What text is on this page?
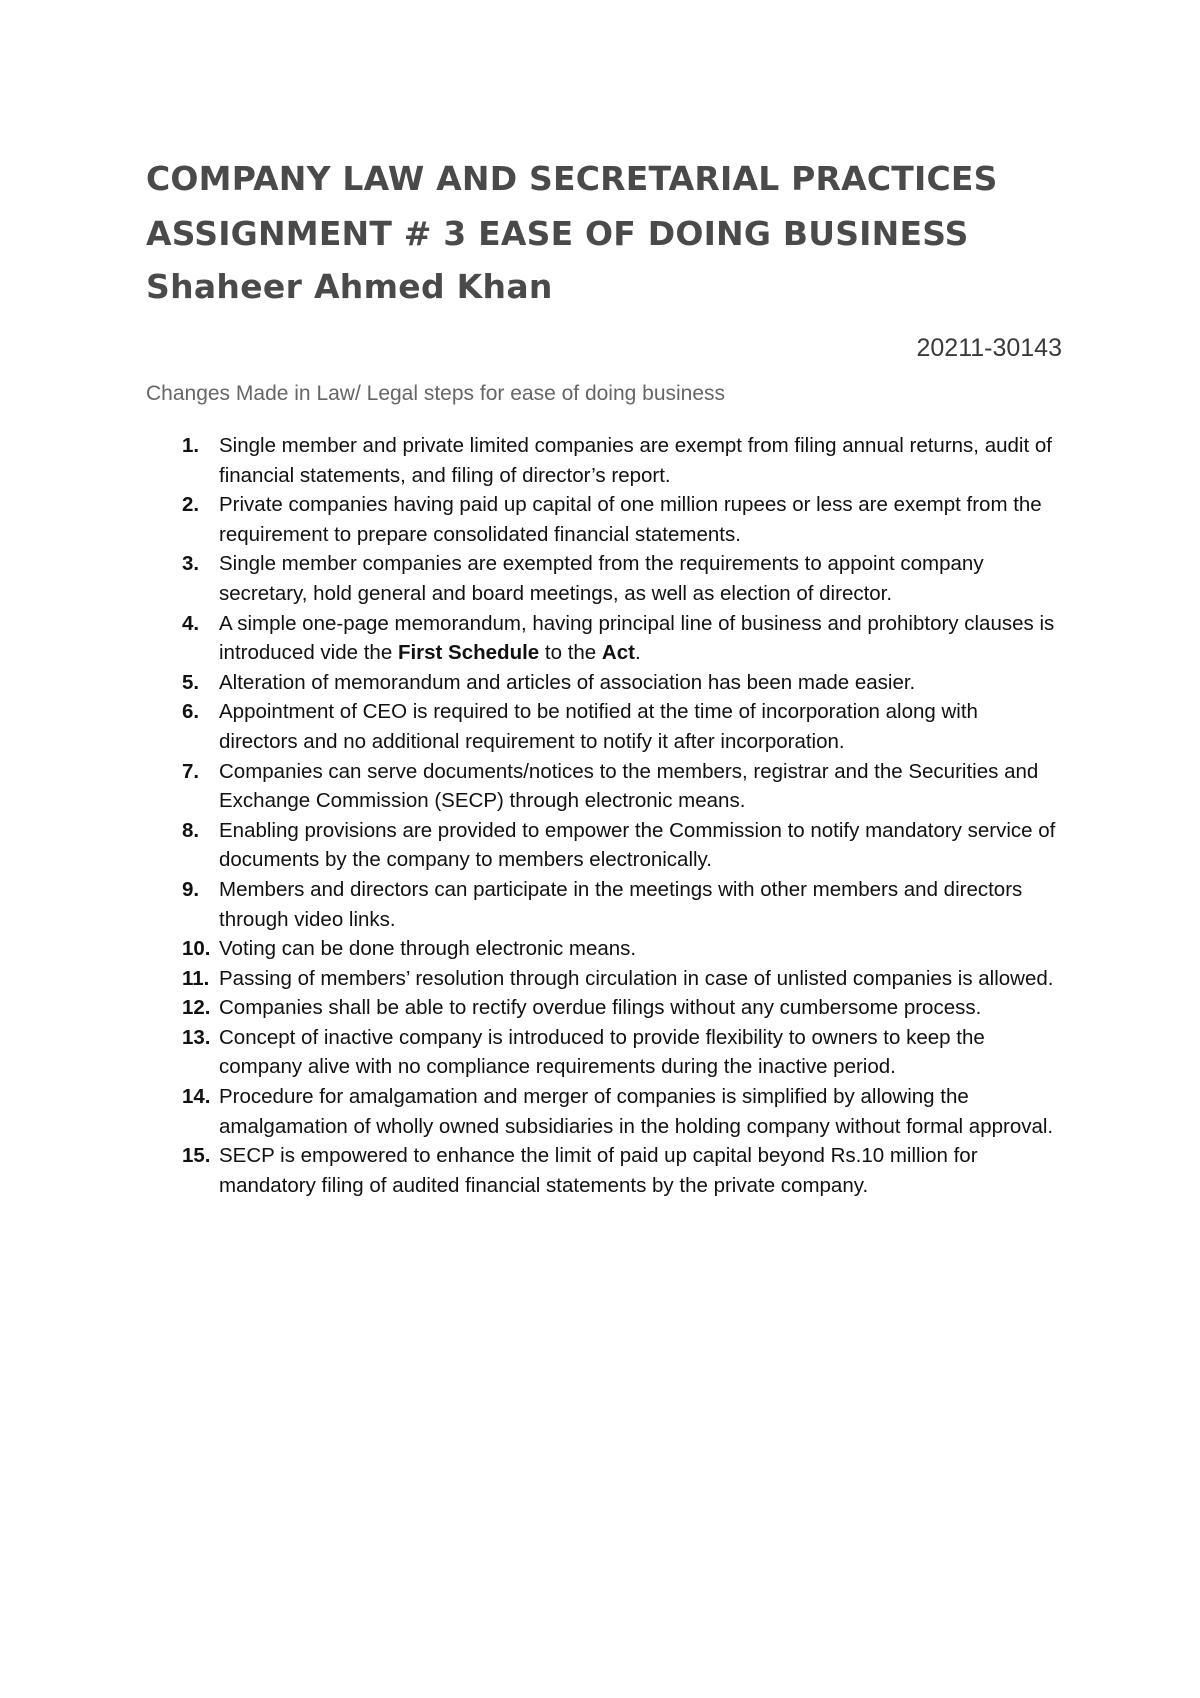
COMPANY LAW AND SECRETARIAL PRACTICES
ASSIGNMENT # 3 EASE OF DOING BUSINESS
Shaheer Ahmed Khan
20211-30143
Changes Made in Law/ Legal steps for ease of doing business
1. Single member and private limited companies are exempt from filing annual returns, audit of financial statements, and filing of director’s report.
2. Private companies having paid up capital of one million rupees or less are exempt from the requirement to prepare consolidated financial statements.
3. Single member companies are exempted from the requirements to appoint company secretary, hold general and board meetings, as well as election of director.
4. A simple one-page memorandum, having principal line of business and prohibtory clauses is introduced vide the First Schedule to the Act.
5. Alteration of memorandum and articles of association has been made easier.
6. Appointment of CEO is required to be notified at the time of incorporation along with directors and no additional requirement to notify it after incorporation.
7. Companies can serve documents/notices to the members, registrar and the Securities and Exchange Commission (SECP) through electronic means.
8. Enabling provisions are provided to empower the Commission to notify mandatory service of documents by the company to members electronically.
9. Members and directors can participate in the meetings with other members and directors through video links.
10. Voting can be done through electronic means.
11. Passing of members’ resolution through circulation in case of unlisted companies is allowed.
12. Companies shall be able to rectify overdue filings without any cumbersome process.
13. Concept of inactive company is introduced to provide flexibility to owners to keep the company alive with no compliance requirements during the inactive period.
14. Procedure for amalgamation and merger of companies is simplified by allowing the amalgamation of wholly owned subsidiaries in the holding company without formal approval.
15. SECP is empowered to enhance the limit of paid up capital beyond Rs.10 million for mandatory filing of audited financial statements by the private company.
